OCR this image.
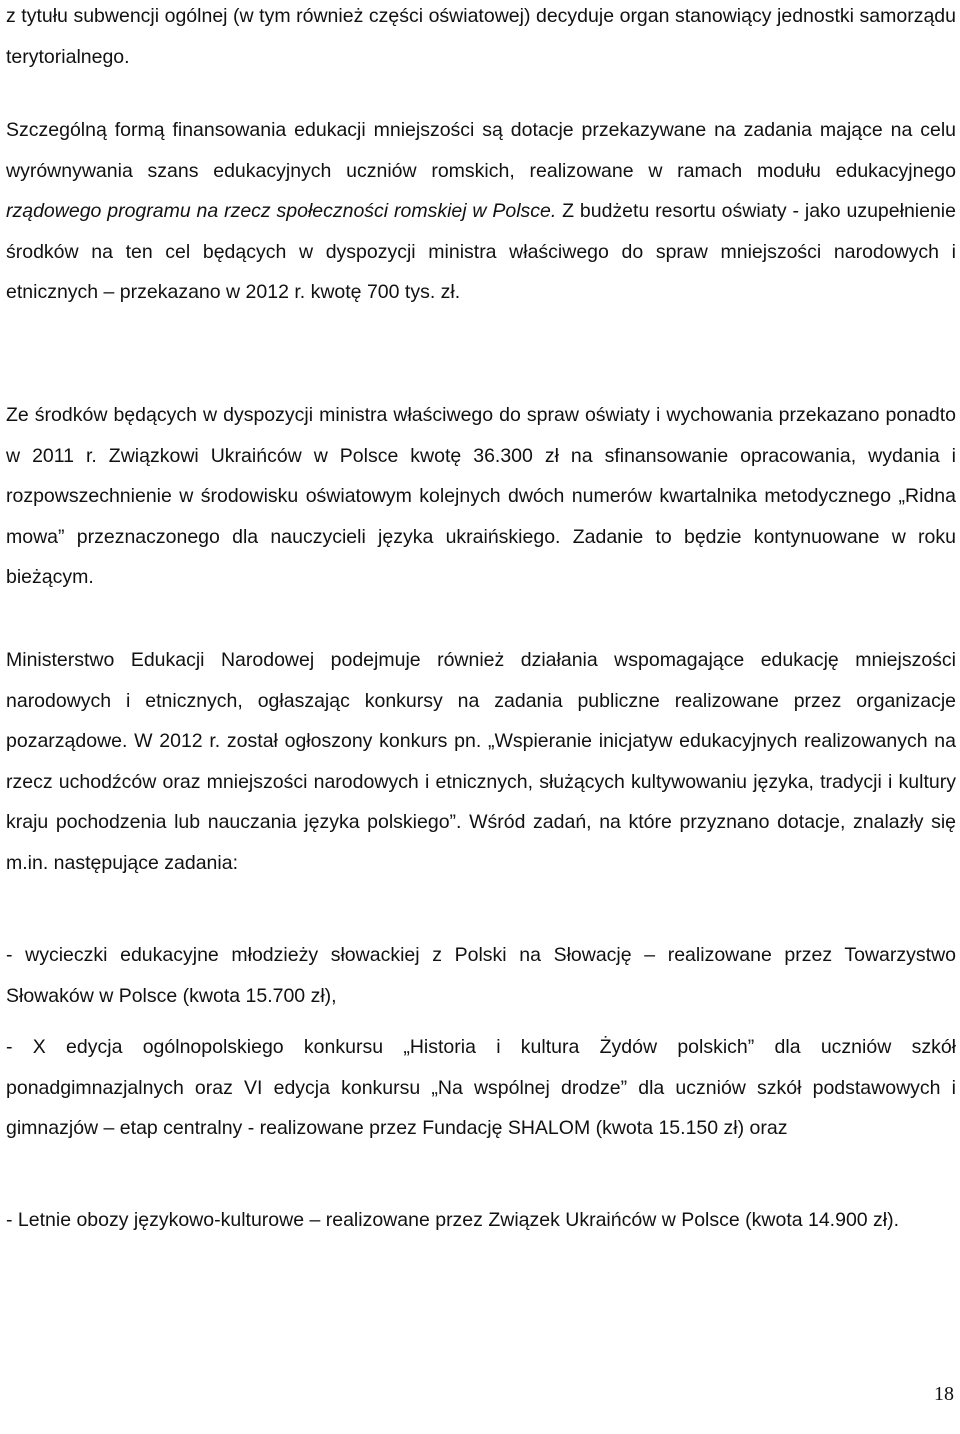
z tytułu subwencji ogólnej (w tym również części oświatowej) decyduje organ stanowiący jednostki samorządu terytorialnego.

Szczególną formą finansowania edukacji mniejszości są dotacje przekazywane na zadania mające na celu wyrównywania szans edukacyjnych uczniów romskich, realizowane w ramach modułu edukacyjnego rządowego programu na rzecz społeczności romskiej w Polsce. Z budżetu resortu oświaty - jako uzupełnienie środków na ten cel będących w dyspozycji ministra właściwego do spraw mniejszości narodowych i etnicznych – przekazano w 2012 r. kwotę 700 tys. zł.

Ze środków będących w dyspozycji ministra właściwego do spraw oświaty i wychowania przekazano ponadto w 2011 r. Związkowi Ukraińców w Polsce kwotę 36.300 zł na sfinansowanie opracowania, wydania i rozpowszechnienie w środowisku oświatowym kolejnych dwóch numerów kwartalnika metodycznego „Ridna mowa” przeznaczonego dla nauczycieli języka ukraińskiego. Zadanie to będzie kontynuowane w roku bieżącym.

Ministerstwo Edukacji Narodowej podejmuje również działania wspomagające edukację mniejszości narodowych i etnicznych, ogłaszając konkursy na zadania publiczne realizowane przez organizacje pozarządowe. W 2012 r. został ogłoszony konkurs pn. „Wspieranie inicjatyw edukacyjnych realizowanych na rzecz uchodźców oraz mniejszości narodowych i etnicznych, służących kultywowaniu języka, tradycji i kultury kraju pochodzenia lub nauczania języka polskiego”. Wśród zadań, na które przyznano dotacje, znalazły się m.in. następujące zadania:

- wycieczki edukacyjne młodzieży słowackiej z Polski na Słowację – realizowane przez Towarzystwo Słowaków w Polsce (kwota 15.700 zł),

- X edycja ogólnopolskiego konkursu „Historia i kultura Żydów polskich” dla uczniów szkół ponadgimnazjalnych oraz VI edycja konkursu „Na wspólnej drodze” dla uczniów szkół podstawowych i gimnazjów – etap centralny - realizowane przez Fundację SHALOM (kwota 15.150 zł) oraz

- Letnie obozy językowo-kulturowe – realizowane przez Związek Ukraińców w Polsce (kwota 14.900 zł).

18
